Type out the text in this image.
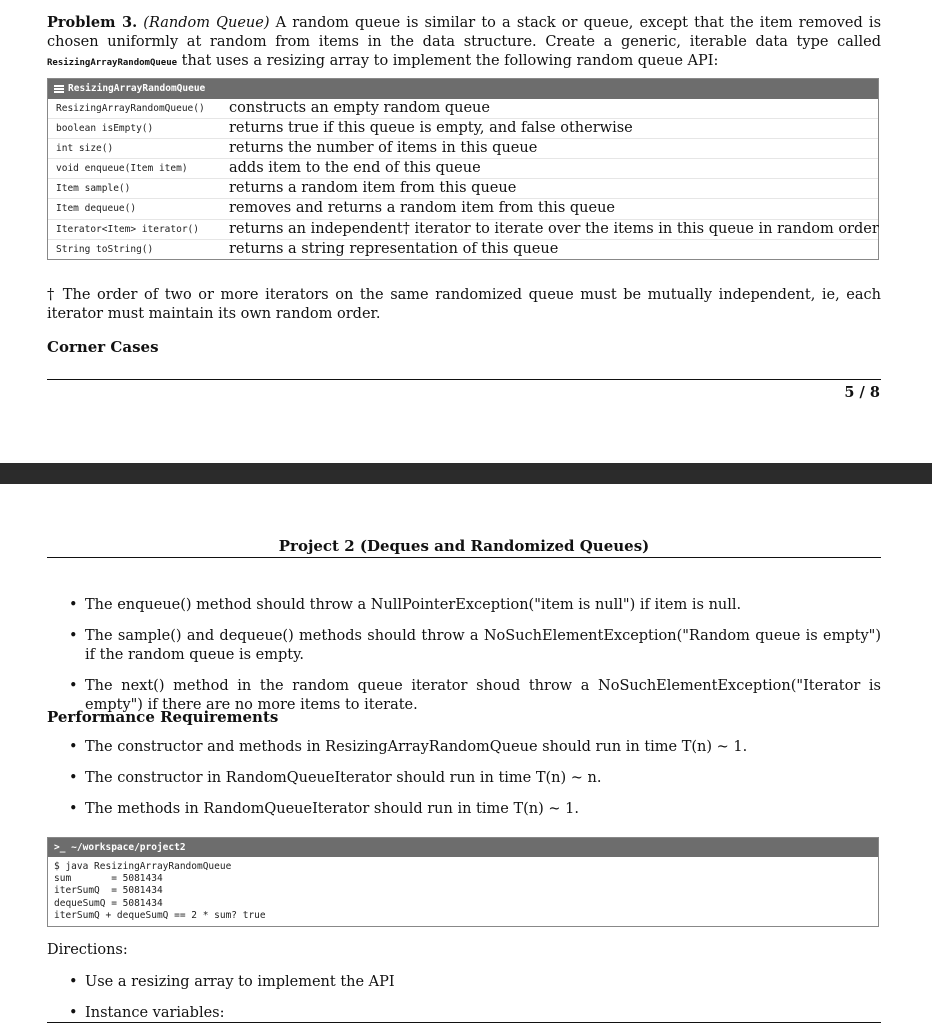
Problem 3. (Random Queue) A random queue is similar to a stack or queue, except that the item removed is chosen uniformly at random from items in the data structure. Create a generic, iterable data type called ResizingArrayRandomQueue that uses a resizing array to implement the following random queue API:
ResizingArrayRandomQueue
ResizingArrayRandomQueue() constructs an empty random queue
boolean isEmpty()	returns true if this queue is empty, and false otherwise
int size()	returns the number of items in this queue
void enqueue(Item item)	adds item to the end of this queue
Item sample()	returns a random item from this queue
Item dequeue()	removes and returns a random item from this queue
Iterator<Item> iterator() returns an independent† iterator to iterate over the items in this queue in random order
String toString()	returns a string representation of this queue
† The order of two or more iterators on the same randomized queue must be mutually independent, ie, each iterator must maintain its own random order.
Corner Cases
5 / 8
Project 2 (Deques and Randomized Queues)
• The enqueue() method should throw a NullPointerException("item is null") if item is null.
• The sample() and dequeue() methods should throw a NoSuchElementException("Random queue is empty") if the random queue is empty.
• The next() method in the random queue iterator shoud throw a NoSuchElementException("Iterator is empty") if there are no more items to iterate.
Performance Requirements
• The constructor and methods in ResizingArrayRandomQueue should run in time T(n) ~ 1.
• The constructor in RandomQueueIterator should run in time T(n) ~ n.
• The methods in RandomQueueIterator should run in time T(n) ~ 1.
>_ ~/workspace/project2
$ java ResizingArrayRandomQueue
sum       = 5081434
iterSumQ  = 5081434
dequeSumQ = 5081434
iterSumQ + dequeSumQ == 2 * sum? true
Directions:
• Use a resizing array to implement the API
• Instance variables:
